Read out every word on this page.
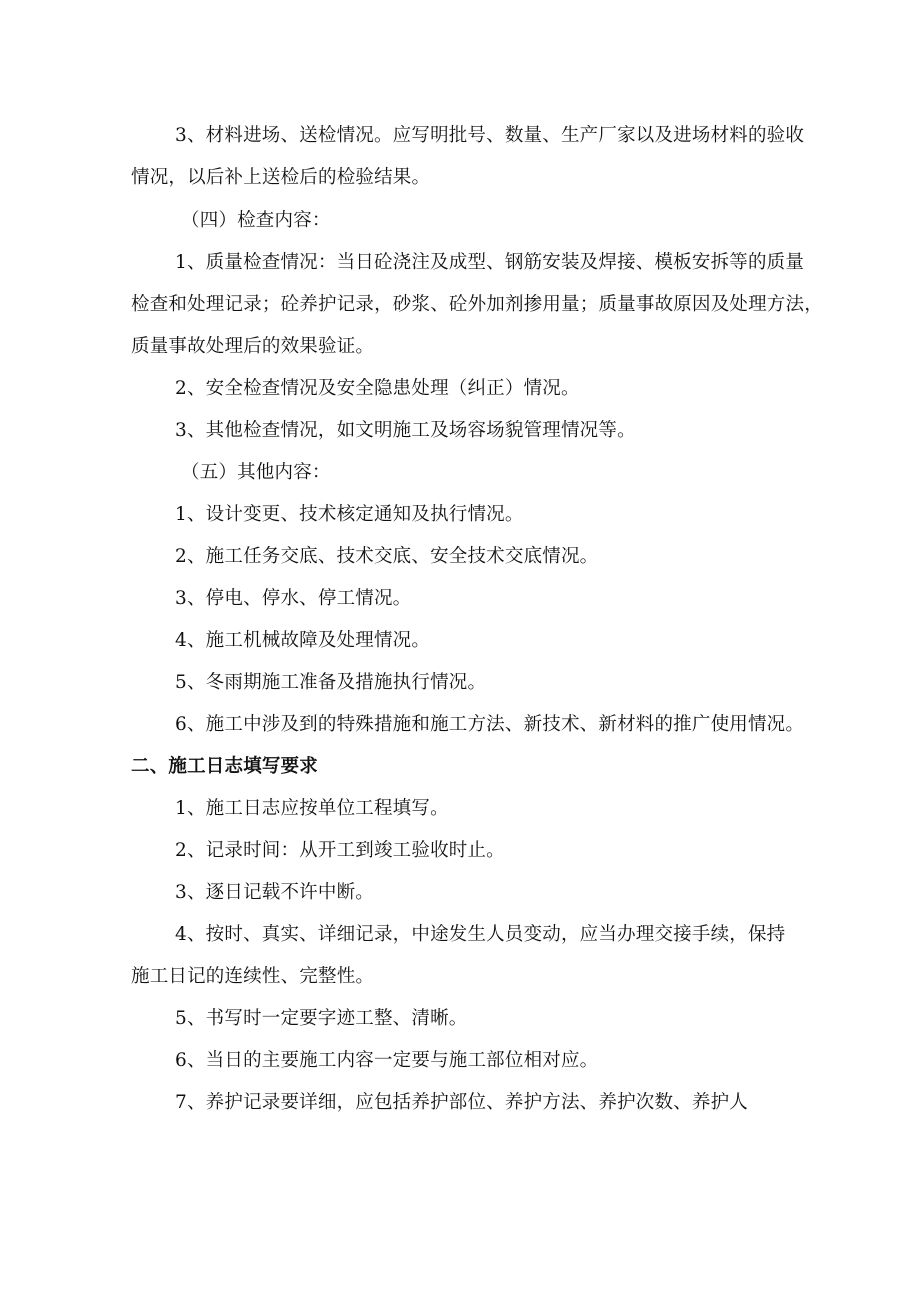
3、材料进场、送检情况。应写明批号、数量、生产厂家以及进场材料的验收
情况，以后补上送检后的检验结果。
（四）检查内容：
1、质量检查情况：当日砼浇注及成型、钢筋安装及焊接、模板安拆等的质量
检查和处理记录；砼养护记录，砂浆、砼外加剂掺用量；质量事故原因及处理方法，
质量事故处理后的效果验证。
2、安全检查情况及安全隐患处理（纠正）情况。
3、其他检查情况，如文明施工及场容场貌管理情况等。
（五）其他内容：
1、设计变更、技术核定通知及执行情况。
2、施工任务交底、技术交底、安全技术交底情况。
3、停电、停水、停工情况。
4、施工机械故障及处理情况。
5、冬雨期施工准备及措施执行情况。
6、施工中涉及到的特殊措施和施工方法、新技术、新材料的推广使用情况。
二、施工日志填写要求
1、施工日志应按单位工程填写。
2、记录时间：从开工到竣工验收时止。
3、逐日记载不许中断。
4、按时、真实、详细记录，中途发生人员变动，应当办理交接手续，保持
施工日记的连续性、完整性。
5、书写时一定要字迹工整、清晰。
6、当日的主要施工内容一定要与施工部位相对应。
7、养护记录要详细，应包括养护部位、养护方法、养护次数、养护人
